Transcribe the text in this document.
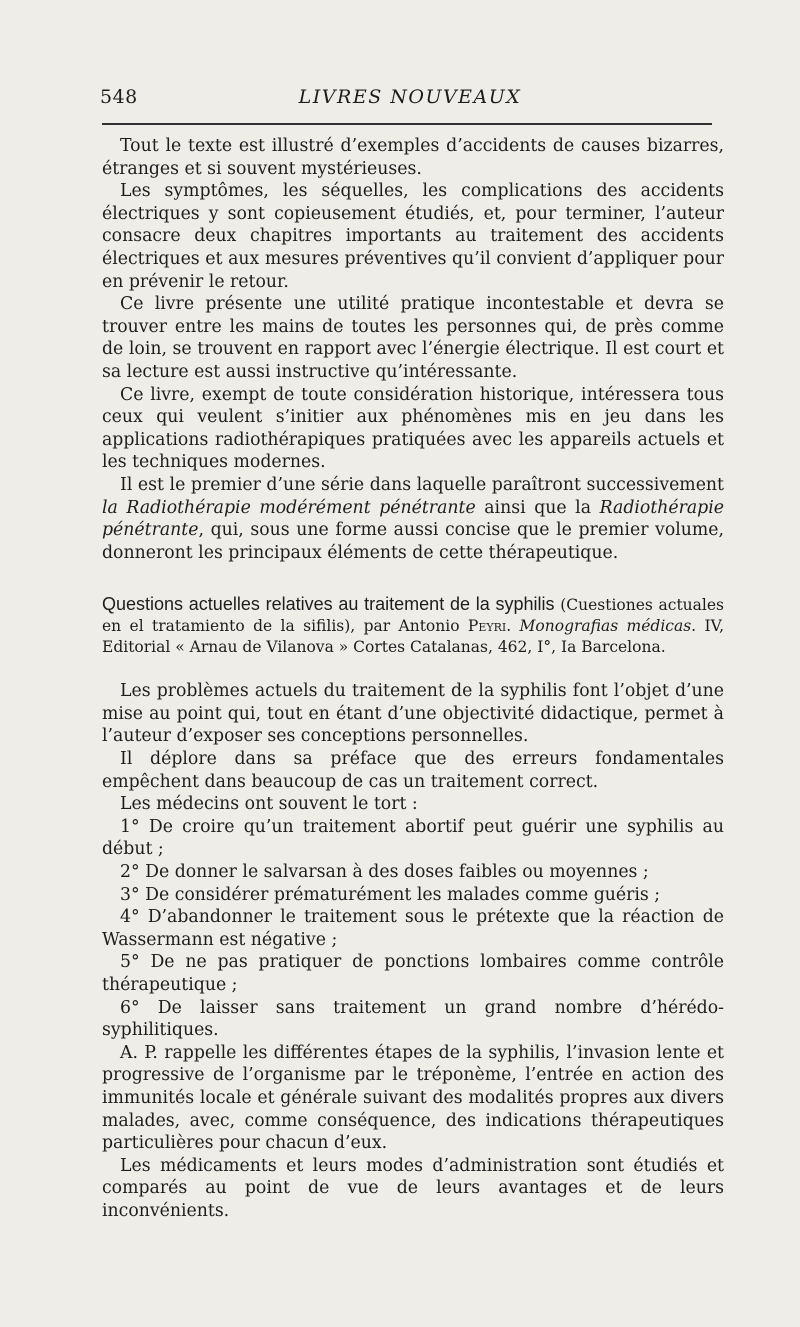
548	LIVRES NOUVEAUX

Tout le texte est illustré d’exemples d’accidents de causes bizarres, étranges et si souvent mystérieuses.

Les symptômes, les séquelles, les complications des accidents électriques y sont copieusement étudiés, et, pour terminer, l’auteur consacre deux chapitres importants au traitement des accidents électriques et aux mesures préventives qu’il convient d’appliquer pour en prévenir le retour.

Ce livre présente une utilité pratique incontestable et devra se trouver entre les mains de toutes les personnes qui, de près comme de loin, se trouvent en rapport avec l’énergie électrique. Il est court et sa lecture est aussi instructive qu’intéressante.

Ce livre, exempt de toute considération historique, intéressera tous ceux qui veulent s’initier aux phénomènes mis en jeu dans les applications radiothérapiques pratiquées avec les appareils actuels et les techniques modernes.

Il est le premier d’une série dans laquelle paraîtront successivement la Radiothérapie modérément pénétrante ainsi que la Radiothérapie pénétrante, qui, sous une forme aussi concise que le premier volume, donneront les principaux éléments de cette thérapeutique.

Questions actuelles relatives au traitement de la syphilis (Cuestiones actuales en el tratamiento de la sifilis), par Antonio Peyri. Monografias médicas. IV, Editorial « Arnau de Vilanova » Cortes Catalanas, 462, I°, Ia Barcelona.

Les problèmes actuels du traitement de la syphilis font l’objet d’une mise au point qui, tout en étant d’une objectivité didactique, permet à l’auteur d’exposer ses conceptions personnelles.

Il déplore dans sa préface que des erreurs fondamentales empêchent dans beaucoup de cas un traitement correct.

Les médecins ont souvent le tort :

1° De croire qu’un traitement abortif peut guérir une syphilis au début ;

2° De donner le salvarsan à des doses faibles ou moyennes ;

3° De considérer prématurément les malades comme guéris ;

4° D’abandonner le traitement sous le prétexte que la réaction de Wassermann est négative ;

5° De ne pas pratiquer de ponctions lombaires comme contrôle thérapeutique ;

6° De laisser sans traitement un grand nombre d’hérédo-syphilitiques.

A. P. rappelle les différentes étapes de la syphilis, l’invasion lente et progressive de l’organisme par le tréponème, l’entrée en action des immunités locale et générale suivant des modalités propres aux divers malades, avec, comme conséquence, des indications thérapeutiques particulières pour chacun d’eux.

Les médicaments et leurs modes d’administration sont étudiés et comparés au point de vue de leurs avantages et de leurs inconvénients.
